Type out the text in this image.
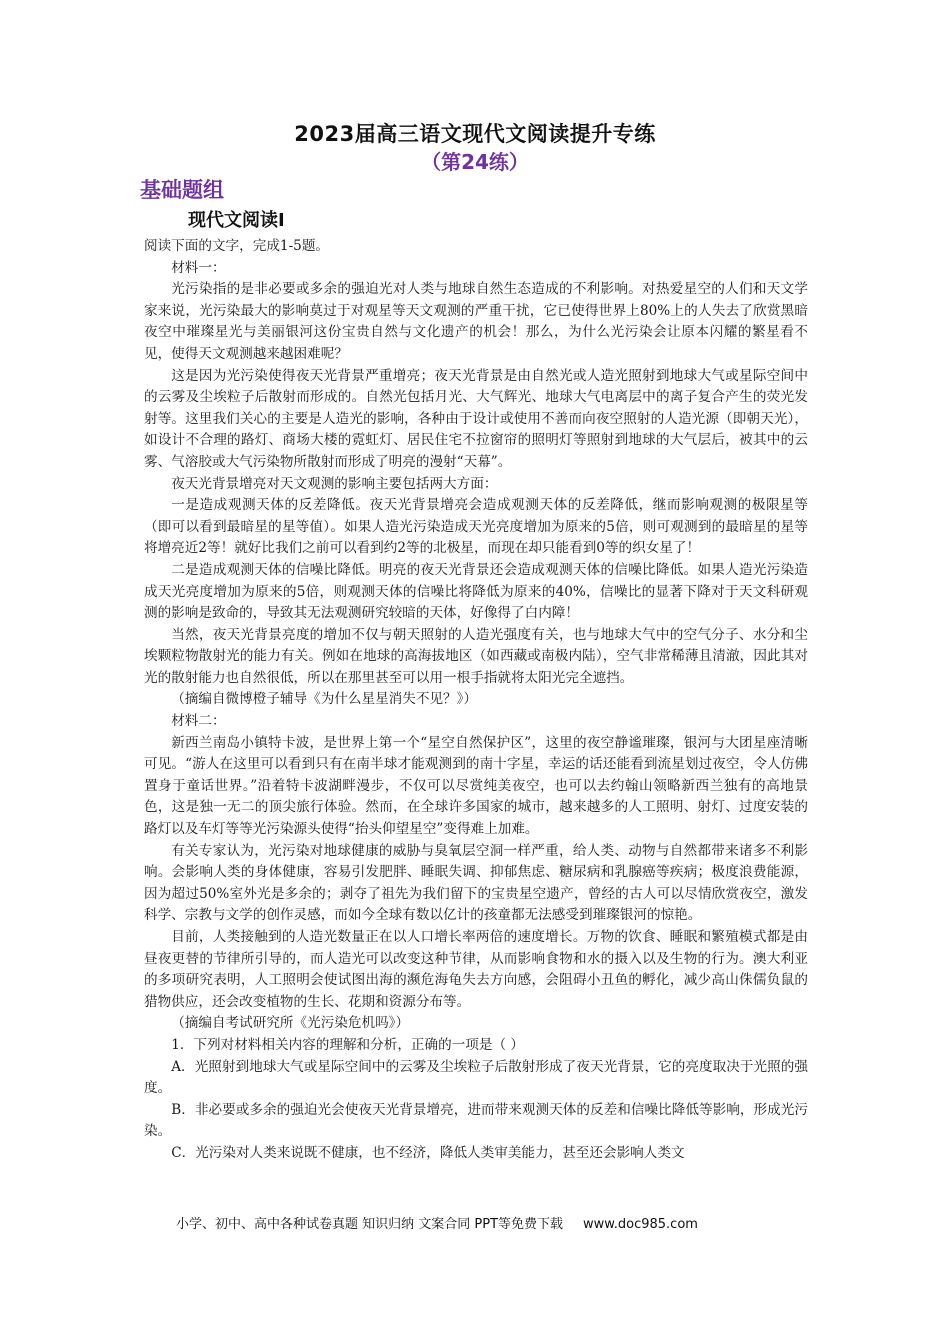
2023届高三语文现代文阅读提升专练
（第24练）
基础题组
现代文阅读Ⅰ

阅读下面的文字，完成1-5题。

材料一：

光污染指的是非必要或多余的强迫光对人类与地球自然生态造成的不利影响。对热爱星空的人们和天文学家来说，光污染最大的影响莫过于对观星等天文观测的严重干扰，它已使得世界上80%上的人失去了欣赏黑暗夜空中璀璨星光与美丽银河这份宝贵自然与文化遗产的机会！那么，为什么光污染会让原本闪耀的繁星看不见，使得天文观测越来越困难呢？

这是因为光污染使得夜天光背景严重增亮；夜天光背景是由自然光或人造光照射到地球大气或星际空间中的云雾及尘埃粒子后散射而形成的。自然光包括月光、大气辉光、地球大气电离层中的离子复合产生的荧光发射等。这里我们关心的主要是人造光的影响，各种由于设计或使用不善而向夜空照射的人造光源（即朝天光），如设计不合理的路灯、商场大楼的霓虹灯、居民住宅不拉窗帘的照明灯等照射到地球的大气层后，被其中的云雾、气溶胶或大气污染物所散射而形成了明亮的漫射“天幕”。

夜天光背景增亮对天文观测的影响主要包括两大方面：

一是造成观测天体的反差降低。夜天光背景增亮会造成观测天体的反差降低，继而影响观测的极限星等（即可以看到最暗星的星等值）。如果人造光污染造成天光亮度增加为原来的5倍，则可观测到的最暗星的星等将增亮近2等！就好比我们之前可以看到约2等的北极星，而现在却只能看到0等的织女星了！

二是造成观测天体的信噪比降低。明亮的夜天光背景还会造成观测天体的信噪比降低。如果人造光污染造成天光亮度增加为原来的5倍，则观测天体的信噪比将降低为原来的40%，信噪比的显著下降对于天文科研观测的影响是致命的，导致其无法观测研究较暗的天体，好像得了白内障！

当然，夜天光背景亮度的增加不仅与朝天照射的人造光强度有关，也与地球大气中的空气分子、水分和尘埃颗粒物散射光的能力有关。例如在地球的高海拔地区（如西藏或南极内陆），空气非常稀薄且清澈，因此其对光的散射能力也自然很低，所以在那里甚至可以用一根手指就将太阳光完全遮挡。

（摘编自微博橙子辅导《为什么星星消失不见？》）

材料二：

新西兰南岛小镇特卡波，是世界上第一个“星空自然保护区”，这里的夜空静谧璀璨，银河与大团星座清晰可见。“游人在这里可以看到只有在南半球才能观测到的南十字星，幸运的话还能看到流星划过夜空，令人仿佛置身于童话世界。”沿着特卡波湖畔漫步，不仅可以尽赏纯美夜空，也可以去约翰山领略新西兰独有的高地景色，这是独一无二的顶尖旅行体验。然而，在全球许多国家的城市，越来越多的人工照明、射灯、过度安装的路灯以及车灯等等光污染源头使得“抬头仰望星空”变得难上加难。

有关专家认为，光污染对地球健康的威胁与臭氧层空洞一样严重，给人类、动物与自然都带来诸多不利影响。会影响人类的身体健康，容易引发肥胖、睡眠失调、抑郁焦虑、糖尿病和乳腺癌等疾病；极度浪费能源，因为超过50%室外光是多余的；剥夺了祖先为我们留下的宝贵星空遗产，曾经的古人可以尽情欣赏夜空，激发科学、宗教与文学的创作灵感，而如今全球有数以亿计的孩童都无法感受到璀璨银河的惊艳。

目前，人类接触到的人造光数量正在以人口增长率两倍的速度增长。万物的饮食、睡眠和繁殖模式都是由昼夜更替的节律所引导的，而人造光可以改变这种节律，从而影响食物和水的摄入以及生物的行为。澳大利亚的多项研究表明，人工照明会使试图出海的濒危海龟失去方向感，会阻碍小丑鱼的孵化，减少高山侏儒负鼠的猎物供应，还会改变植物的生长、花期和资源分布等。

（摘编自考试研究所《光污染危机吗》）

1．下列对材料相关内容的理解和分析，正确的一项是（ ）

A．光照射到地球大气或星际空间中的云雾及尘埃粒子后散射形成了夜天光背景，它的亮度取决于光照的强度。

B．非必要或多余的强迫光会使夜天光背景增亮，进而带来观测天体的反差和信噪比降低等影响，形成光污染。

C．光污染对人类来说既不健康，也不经济，降低人类审美能力，甚至还会影响人类文

小学、初中、高中各种试卷真题 知识归纳 文案合同 PPT等免费下载 www.doc985.com
